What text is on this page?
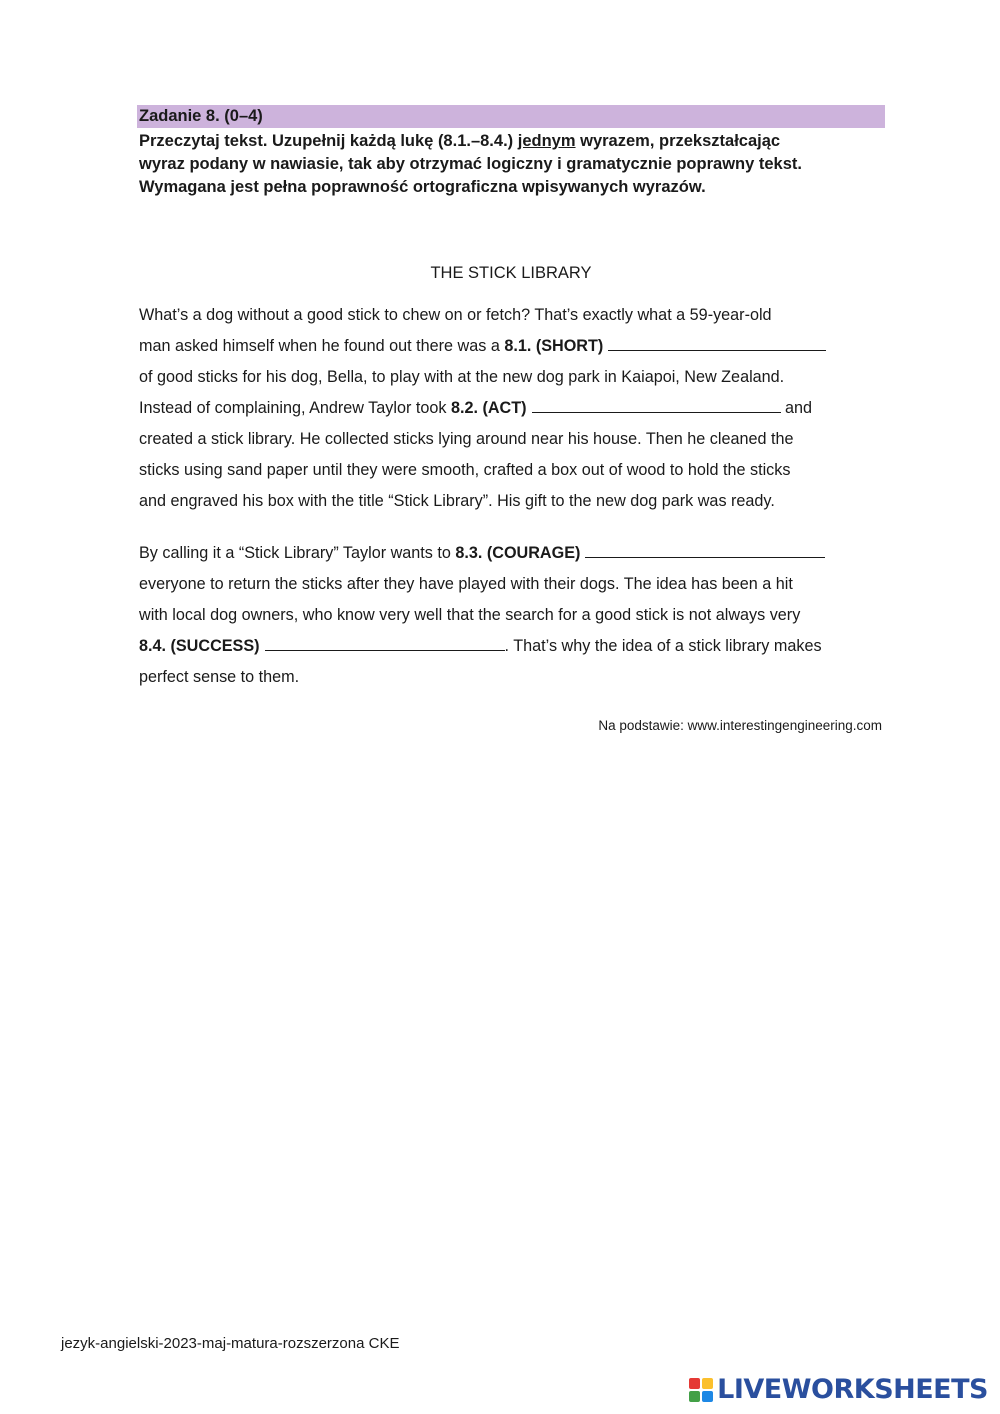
Zadanie 8. (0–4)
Przeczytaj tekst. Uzupełnij każdą lukę (8.1.–8.4.) jednym wyrazem, przekształcając
wyraz podany w nawiasie, tak aby otrzymać logiczny i gramatycznie poprawny tekst.
Wymagana jest pełna poprawność ortograficzna wpisywanych wyrazów.
THE STICK LIBRARY
What’s a dog without a good stick to chew on or fetch? That’s exactly what a 59-year-old
man asked himself when he found out there was a 8.1. (SHORT)
of good sticks for his dog, Bella, to play with at the new dog park in Kaiapoi, New Zealand.
Instead of complaining, Andrew Taylor took 8.2. (ACT)	and
created a stick library. He collected sticks lying around near his house. Then he cleaned the
sticks using sand paper until they were smooth, crafted a box out of wood to hold the sticks
and engraved his box with the title “Stick Library”. His gift to the new dog park was ready.
By calling it a “Stick Library” Taylor wants to 8.3. (COURAGE)
everyone to return the sticks after they have played with their dogs. The idea has been a hit
with local dog owners, who know very well that the search for a good stick is not always very
8.4. (SUCCESS)	. That’s why the idea of a stick library makes
perfect sense to them.
Na podstawie: www.interestingengineering.com
jezyk-angielski-2023-maj-matura-rozszerzona CKE
LIVEWORKSHEETS
